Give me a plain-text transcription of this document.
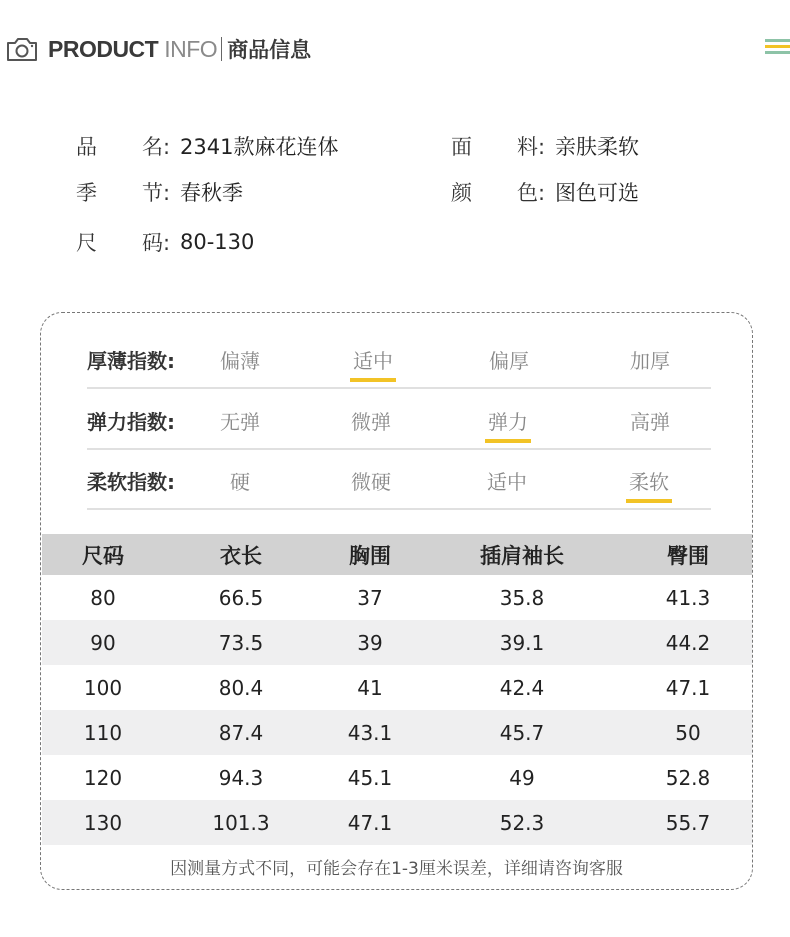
PRODUCT INFO 商品信息
品 名: 2341款麻花连体
季 节: 春秋季
尺 码: 80-130
面 料: 亲肤柔软
颜 色: 图色可选
厚薄指数: 偏薄	适中	偏厚	加厚
弹力指数: 无弹	微弹	弹力	高弹
柔软指数:	硬	微硬	适中	柔软
尺码	衣长	胸围	插肩袖长	臀围
80	66.5	37	35.8	41.3
90	73.5	39	39.1	44.2
100	80.4	41	42.4	47.1
110	87.4	43.1	45.7	50
120	94.3	45.1	49	52.8
130	101.3	47.1	52.3	55.7
因测量方式不同，可能会存在1-3厘米误差，详细请咨询客服
